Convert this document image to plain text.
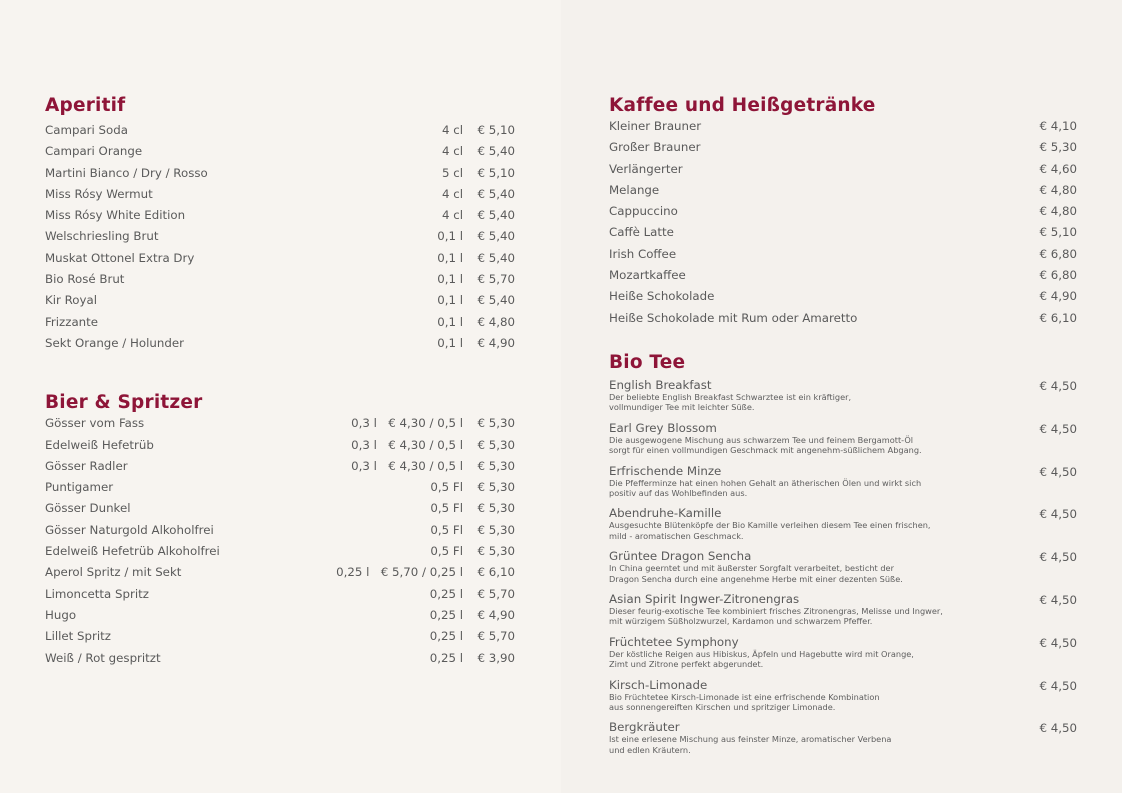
Aperitif
Campari Soda	4 cl	€ 5,10
Campari Orange	4 cl	€ 5,40
Martini Bianco / Dry / Rosso	5 cl	€ 5,10
Miss Rósy Wermut	4 cl	€ 5,40
Miss Rósy White Edition	4 cl	€ 5,40
Welschriesling Brut	0,1 l	€ 5,40
Muskat Ottonel Extra Dry	0,1 l	€ 5,40
Bio Rosé Brut	0,1 l	€ 5,70
Kir Royal	0,1 l	€ 5,40
Frizzante	0,1 l	€ 4,80
Sekt Orange / Holunder	0,1 l	€ 4,90
Bier & Spritzer
Gösser vom Fass	0,3 l   € 4,30 / 0,5 l	€ 5,30
Edelweiß Hefetrüb	0,3 l   € 4,30 / 0,5 l	€ 5,30
Gösser Radler	0,3 l   € 4,30 / 0,5 l	€ 5,30
Puntigamer	0,5 Fl	€ 5,30
Gösser Dunkel	0,5 Fl	€ 5,30
Gösser Naturgold Alkoholfrei	0,5 Fl	€ 5,30
Edelweiß Hefetrüb Alkoholfrei	0,5 Fl	€ 5,30
Aperol Spritz / mit Sekt	0,25 l   € 5,70 / 0,25 l	€ 6,10
Limoncetta Spritz	0,25 l	€ 5,70
Hugo	0,25 l	€ 4,90
Lillet Spritz	0,25 l	€ 5,70
Weiß / Rot gespritzt	0,25 l	€ 3,90
Kaffee und Heißgetränke
Kleiner Brauner	€ 4,10
Großer Brauner	€ 5,30
Verlängerter	€ 4,60
Melange	€ 4,80
Cappuccino	€ 4,80
Caffè Latte	€ 5,10
Irish Coffee	€ 6,80
Mozartkaffee	€ 6,80
Heiße Schokolade	€ 4,90
Heiße Schokolade mit Rum oder Amaretto	€ 6,10
Bio Tee
English Breakfast
Der beliebte English Breakfast Schwarztee ist ein kräftiger,
vollmundiger Tee mit leichter Süße.
€ 4,50
Earl Grey Blossom
Die ausgewogene Mischung aus schwarzem Tee und feinem Bergamott-Öl
sorgt für einen vollmundigen Geschmack mit angenehm-süßlichem Abgang.
€ 4,50
Erfrischende Minze
Die Pfefferminze hat einen hohen Gehalt an ätherischen Ölen und wirkt sich
positiv auf das Wohlbefinden aus.
€ 4,50
Abendruhe-Kamille
Ausgesuchte Blütenköpfe der Bio Kamille verleihen diesem Tee einen frischen,
mild - aromatischen Geschmack.
€ 4,50
Grüntee Dragon Sencha
In China geerntet und mit äußerster Sorgfalt verarbeitet, besticht der
Dragon Sencha durch eine angenehme Herbe mit einer dezenten Süße.
€ 4,50
Asian Spirit Ingwer-Zitronengras
Dieser feurig-exotische Tee kombiniert frisches Zitronengras, Melisse und Ingwer,
mit würzigem Süßholzwurzel, Kardamon und schwarzem Pfeffer.
€ 4,50
Früchtetee Symphony
Der köstliche Reigen aus Hibiskus, Äpfeln und Hagebutte wird mit Orange,
Zimt und Zitrone perfekt abgerundet.
€ 4,50
Kirsch-Limonade
Bio Früchtetee Kirsch-Limonade ist eine erfrischende Kombination
aus sonnengereiften Kirschen und spritziger Limonade.
€ 4,50
Bergkräuter
Ist eine erlesene Mischung aus feinster Minze, aromatischer Verbena
und edlen Kräutern.
€ 4,50
